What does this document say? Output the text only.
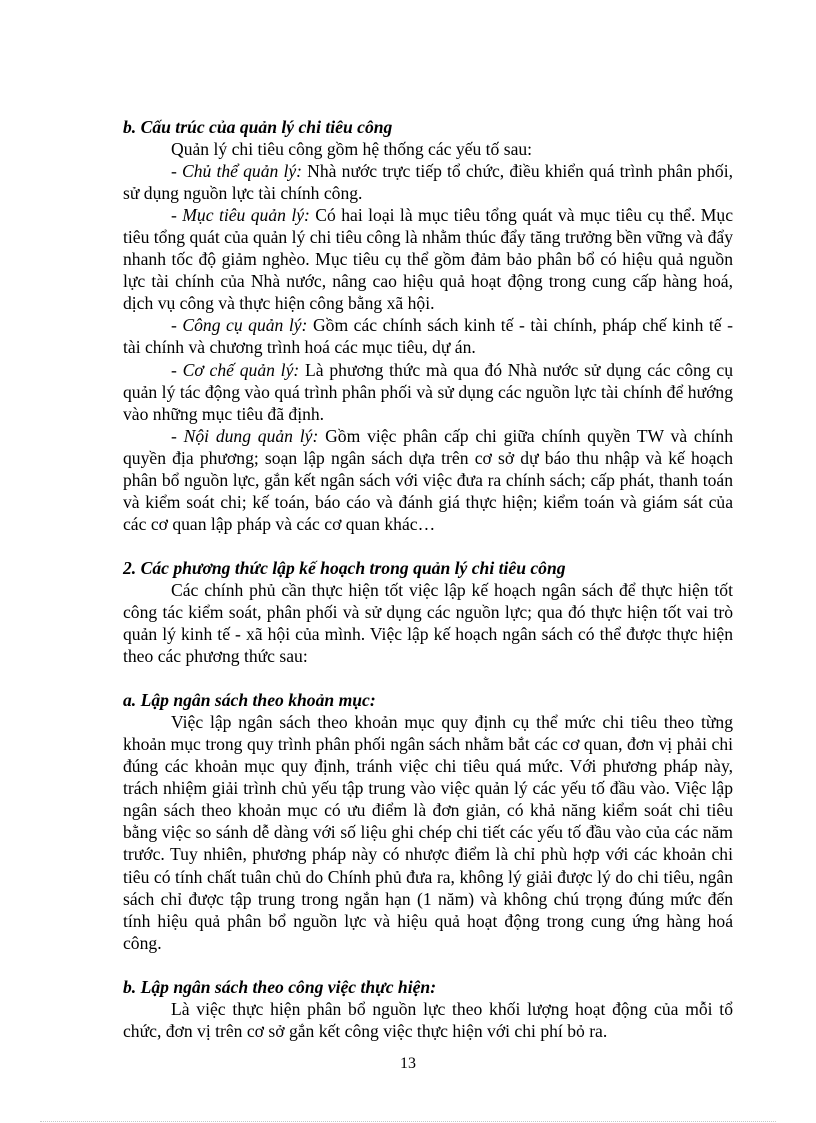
b. Cấu trúc của quản lý chi tiêu công

Quản lý chi tiêu công gồm hệ thống các yếu tố sau:

- Chủ thể quản lý: Nhà nước trực tiếp tổ chức, điều khiển quá trình phân phối, sử dụng nguồn lực tài chính công.

- Mục tiêu quản lý: Có hai loại là mục tiêu tổng quát và mục tiêu cụ thể. Mục tiêu tổng quát của quản lý chi tiêu công là nhằm thúc đẩy tăng trưởng bền vững và đẩy nhanh tốc độ giảm nghèo. Mục tiêu cụ thể gồm đảm bảo phân bổ có hiệu quả nguồn lực tài chính của Nhà nước, nâng cao hiệu quả hoạt động trong cung cấp hàng hoá, dịch vụ công và thực hiện công bằng xã hội.

- Công cụ quản lý: Gồm các chính sách kinh tế - tài chính, pháp chế kinh tế - tài chính và chương trình hoá các mục tiêu, dự án.

- Cơ chế quản lý: Là phương thức mà qua đó Nhà nước sử dụng các công cụ quản lý tác động vào quá trình phân phối và sử dụng các nguồn lực tài chính để hướng vào những mục tiêu đã định.

- Nội dung quản lý: Gồm việc phân cấp chi giữa chính quyền TW và chính quyền địa phương; soạn lập ngân sách dựa trên cơ sở dự báo thu nhập và kế hoạch phân bổ nguồn lực, gắn kết ngân sách với việc đưa ra chính sách; cấp phát, thanh toán và kiểm soát chi; kế toán, báo cáo và đánh giá thực hiện; kiểm toán và giám sát của các cơ quan lập pháp và các cơ quan khác…

2. Các phương thức lập kế hoạch trong quản lý chi tiêu công

Các chính phủ cần thực hiện tốt việc lập kế hoạch ngân sách để thực hiện tốt công tác kiểm soát, phân phối và sử dụng các nguồn lực; qua đó thực hiện tốt vai trò quản lý kinh tế - xã hội của mình. Việc lập kế hoạch ngân sách có thể được thực hiện theo các phương thức sau:

a. Lập ngân sách theo khoản mục:

Việc lập ngân sách theo khoản mục quy định cụ thể mức chi tiêu theo từng khoản mục trong quy trình phân phối ngân sách nhằm bắt các cơ quan, đơn vị phải chi đúng các khoản mục quy định, tránh việc chi tiêu quá mức. Với phương pháp này, trách nhiệm giải trình chủ yếu tập trung vào việc quản lý các yếu tố đầu vào. Việc lập ngân sách theo khoản mục có ưu điểm là đơn giản, có khả năng kiểm soát chi tiêu bằng việc so sánh dễ dàng với số liệu ghi chép chi tiết các yếu tố đầu vào của các năm trước. Tuy nhiên, phương pháp này có nhược điểm là chỉ phù hợp với các khoản chi tiêu có tính chất tuân chủ do Chính phủ đưa ra, không lý giải được lý do chi tiêu, ngân sách chỉ được tập trung trong ngắn hạn (1 năm) và không chú trọng đúng mức đến tính hiệu quả phân bổ nguồn lực và hiệu quả hoạt động trong cung ứng hàng hoá công.

b. Lập ngân sách theo công việc thực hiện:

Là việc thực hiện phân bổ nguồn lực theo khối lượng hoạt động của mỗi tổ chức, đơn vị trên cơ sở gắn kết công việc thực hiện với chi phí bỏ ra.

13
